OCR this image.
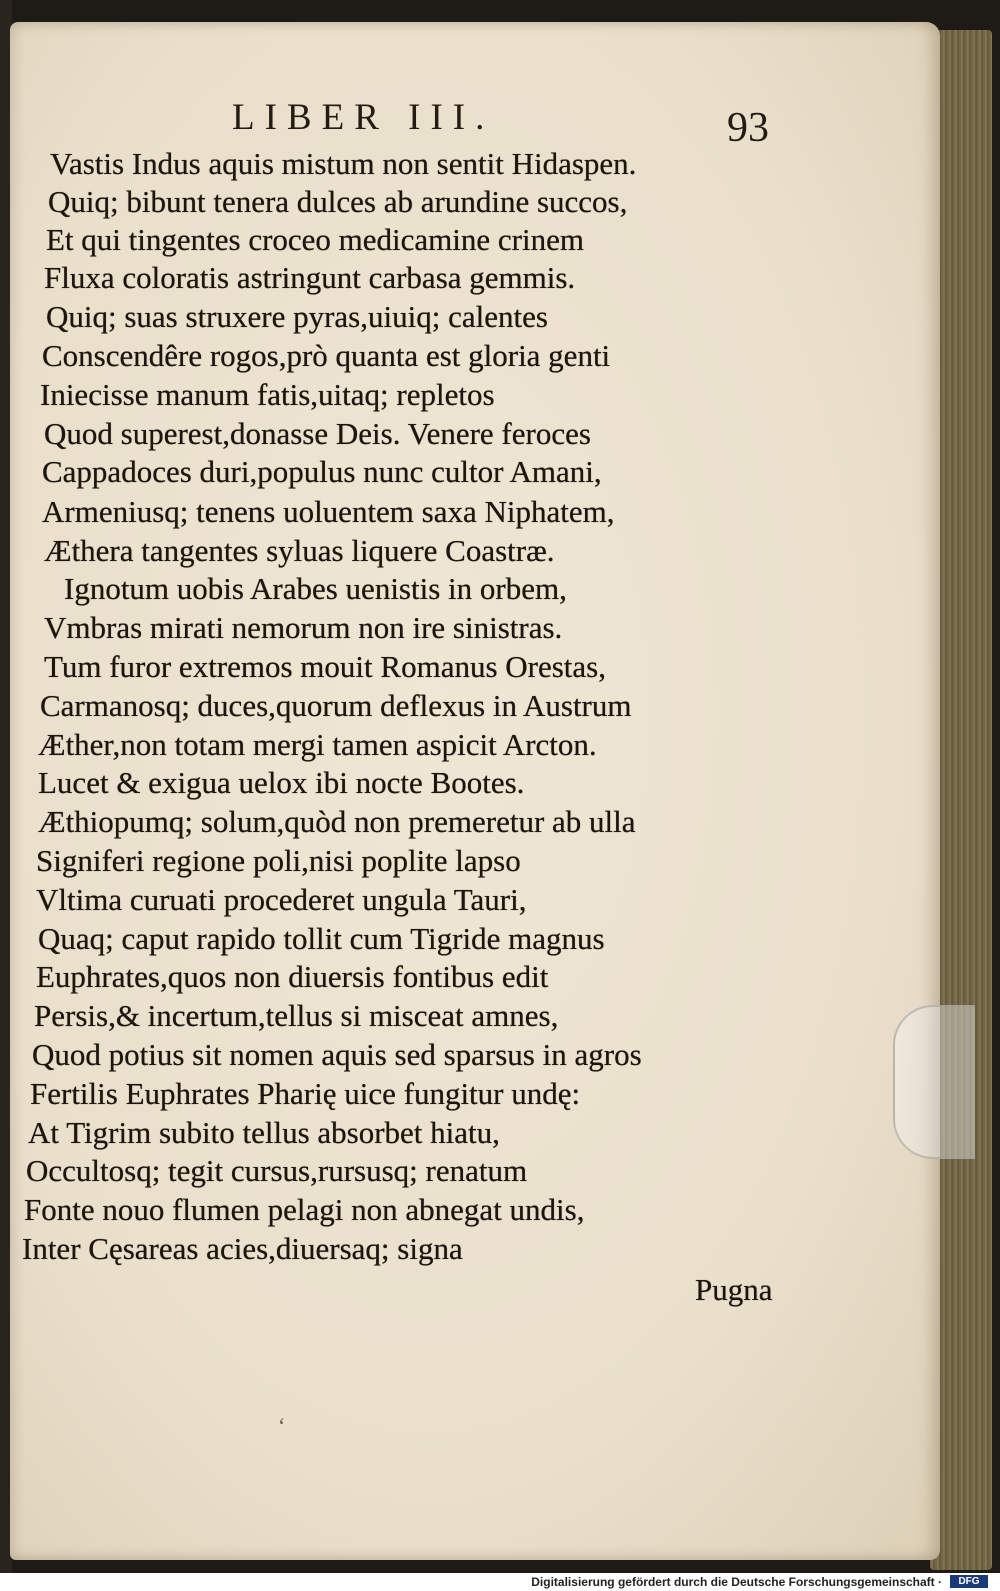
LIBER III.	93
Vastis Indus aquis mistum non sentit Hidaspen.
Quiq; bibunt tenera dulces ab arundine succos,
Et qui tingentes croceo medicamine crinem
Fluxa coloratis astringunt carbasa gemmis.
Quiq; suas struxere pyras,uiuiq; calentes
Conscendêre rogos,prò quanta est gloria genti
Iniecisse manum fatis,uitaq; repletos
Quod superest,donasse Deis. Venere feroces
Cappadoces duri,populus nunc cultor Amani,
Armeniusq; tenens uoluentem saxa Niphatem,
Æthera tangentes syluas liquere Coastræ.
Ignotum uobis Arabes uenistis in orbem,
Vmbras mirati nemorum non ire sinistras.
Tum furor extremos mouit Romanus Orestas,
Carmanosq; duces,quorum deflexus in Austrum
Æther,non totam mergi tamen aspicit Arcton.
Lucet & exigua uelox ibi nocte Bootes.
Æthiopumq; solum,quòd non premeretur ab ulla
Signiferi regione poli,nisi poplite lapso
Vltima curuati procederet ungula Tauri,
Quaq; caput rapido tollit cum Tigride magnus
Euphrates,quos non diuersis fontibus edit
Persis,& incertum,tellus si misceat amnes,
Quod potius sit nomen aquis sed sparsus in agros
Fertilis Euphrates Pharię uice fungitur undę:
At Tigrim subito tellus absorbet hiatu,
Occultosq; tegit cursus,rursusq; renatum
Fonte nouo flumen pelagi non abnegat undis,
Inter Cęsareas acies,diuersaq; signa
Pugna
‘
Digitalisierung gefördert durch die Deutsche Forschungsgemeinschaft ·	DFG
